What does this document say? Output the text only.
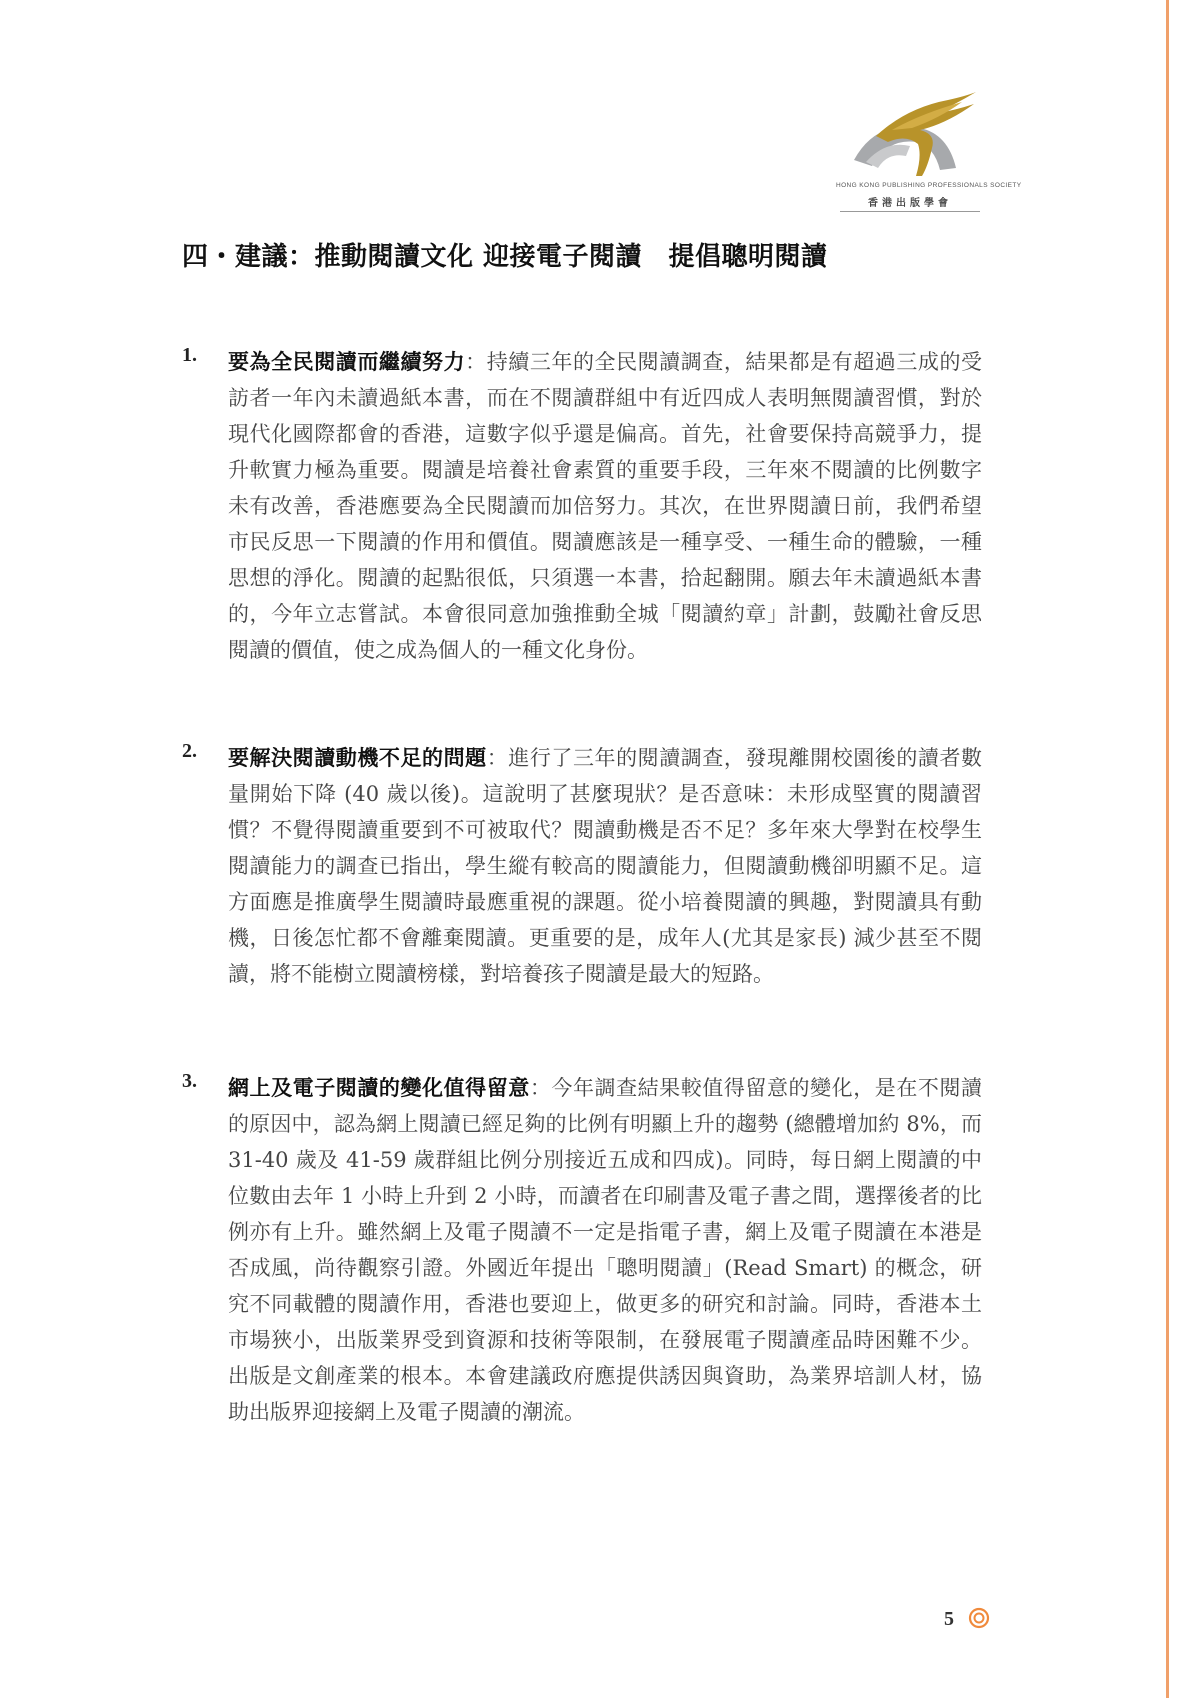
HONG KONG PUBLISHING PROFESSIONALS SOCIETY
香港出版學會
四・建議：推動閱讀文化 迎接電子閱讀　提倡聰明閱讀
1.	要為全民閱讀而繼續努力：持續三年的全民閱讀調查，結果都是有超過三成的受訪者一年內未讀過紙本書，而在不閱讀群組中有近四成人表明無閱讀習慣，對於現代化國際都會的香港，這數字似乎還是偏高。首先，社會要保持高競爭力，提升軟實力極為重要。閱讀是培養社會素質的重要手段，三年來不閱讀的比例數字未有改善，香港應要為全民閱讀而加倍努力。其次，在世界閱讀日前，我們希望市民反思一下閱讀的作用和價值。閱讀應該是一種享受、一種生命的體驗，一種思想的淨化。閱讀的起點很低，只須選一本書，拾起翻開。願去年未讀過紙本書的，今年立志嘗試。本會很同意加強推動全城「閱讀約章」計劃，鼓勵社會反思閱讀的價值，使之成為個人的一種文化身份。
2.	要解決閱讀動機不足的問題：進行了三年的閱讀調查，發現離開校園後的讀者數量開始下降 (40 歲以後)。這說明了甚麼現狀？是否意味：未形成堅實的閱讀習慣？不覺得閱讀重要到不可被取代？閱讀動機是否不足？多年來大學對在校學生閱讀能力的調查已指出，學生縱有較高的閱讀能力，但閱讀動機卻明顯不足。這方面應是推廣學生閱讀時最應重視的課題。從小培養閱讀的興趣，對閱讀具有動機，日後怎忙都不會離棄閱讀。更重要的是，成年人(尤其是家長) 減少甚至不閱讀，將不能樹立閱讀榜樣，對培養孩子閱讀是最大的短路。
3.	網上及電子閱讀的變化值得留意：今年調查結果較值得留意的變化，是在不閱讀的原因中，認為網上閱讀已經足夠的比例有明顯上升的趨勢 (總體增加約 8%，而 31-40 歲及 41-59 歲群組比例分別接近五成和四成)。同時，每日網上閱讀的中位數由去年 1 小時上升到 2 小時，而讀者在印刷書及電子書之間，選擇後者的比例亦有上升。雖然網上及電子閱讀不一定是指電子書，網上及電子閱讀在本港是否成風，尚待觀察引證。外國近年提出「聰明閱讀」(Read Smart) 的概念，研究不同載體的閱讀作用，香港也要迎上，做更多的研究和討論。同時，香港本土市場狹小，出版業界受到資源和技術等限制，在發展電子閱讀產品時困難不少。出版是文創產業的根本。本會建議政府應提供誘因與資助，為業界培訓人材，協助出版界迎接網上及電子閱讀的潮流。
5
